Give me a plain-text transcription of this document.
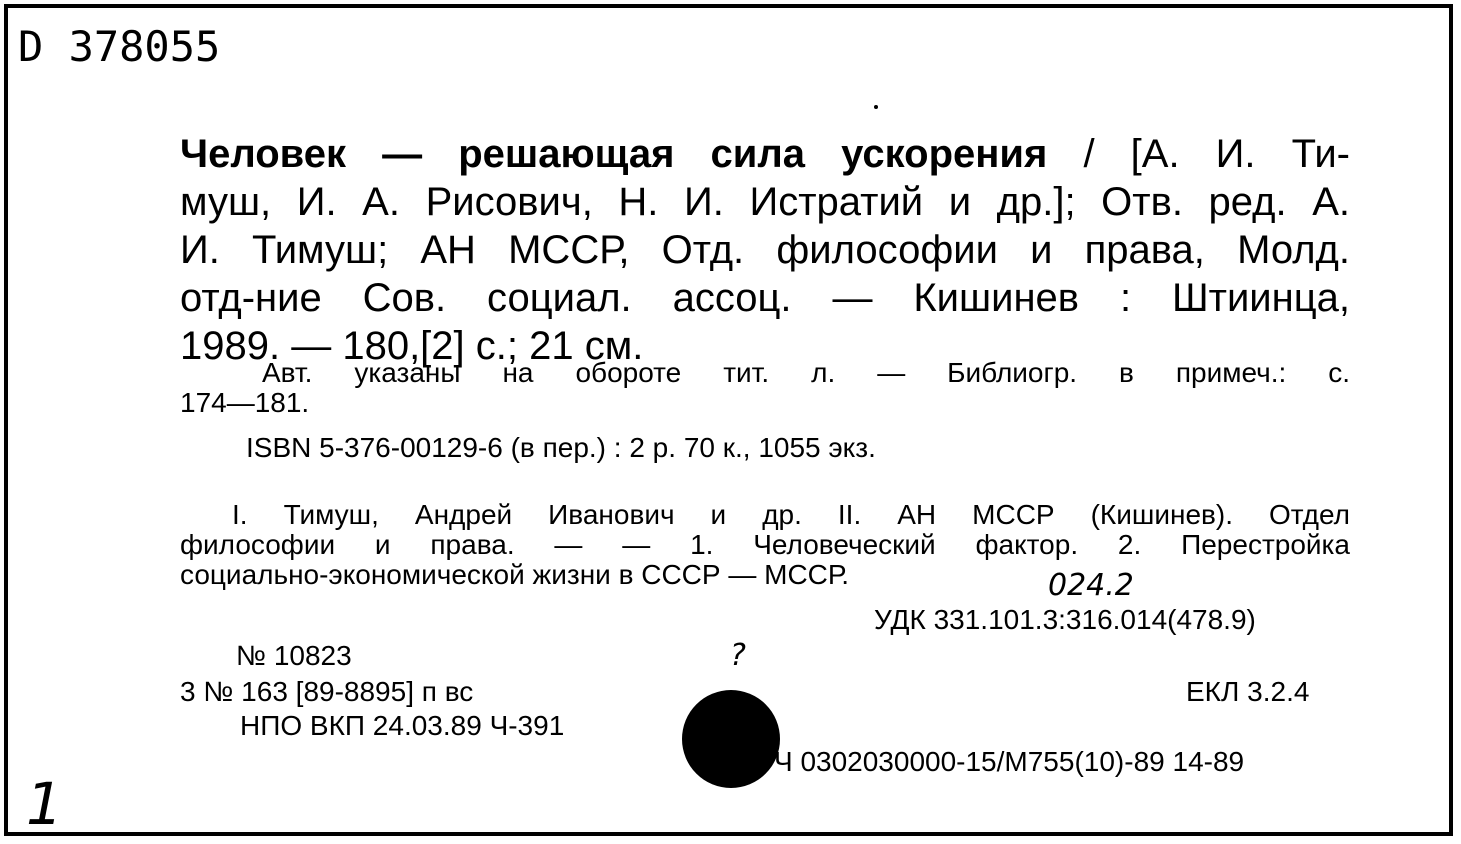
D 378055
Человек — решающая сила ускорения / [А. И. Ти-
муш, И. А. Рисович, Н. И. Истратий и др.]; Отв. ред. А.
И. Тимуш; АН МССР, Отд. философии и права, Молд.
отд-ние Сов. социал. ассоц. — Кишинев : Штиинца,
1989. — 180,[2] с.; 21 см.
Авт. указаны на обороте тит. л. — Библиогр. в примеч.: с.
174—181.
ISBN 5-376-00129-6 (в пер.) : 2 р. 70 к., 1055 экз.
I. Тимуш, Андрей Иванович и др. II. АН МССР (Кишинев). Отдел
философии и права. — — 1. Человеческий фактор. 2. Перестройка
социально-экономической жизни в СССР — МССР.	024.2
УДК 331.101.3:316.014(478.9)
№ 10823
3 № 163 [89-8895] п вс
НПО ВКП 24.03.89 Ч-391
?
ЕКЛ 3.2.4
Ч 0302030000-15/М755(10)-89 14-89
1
